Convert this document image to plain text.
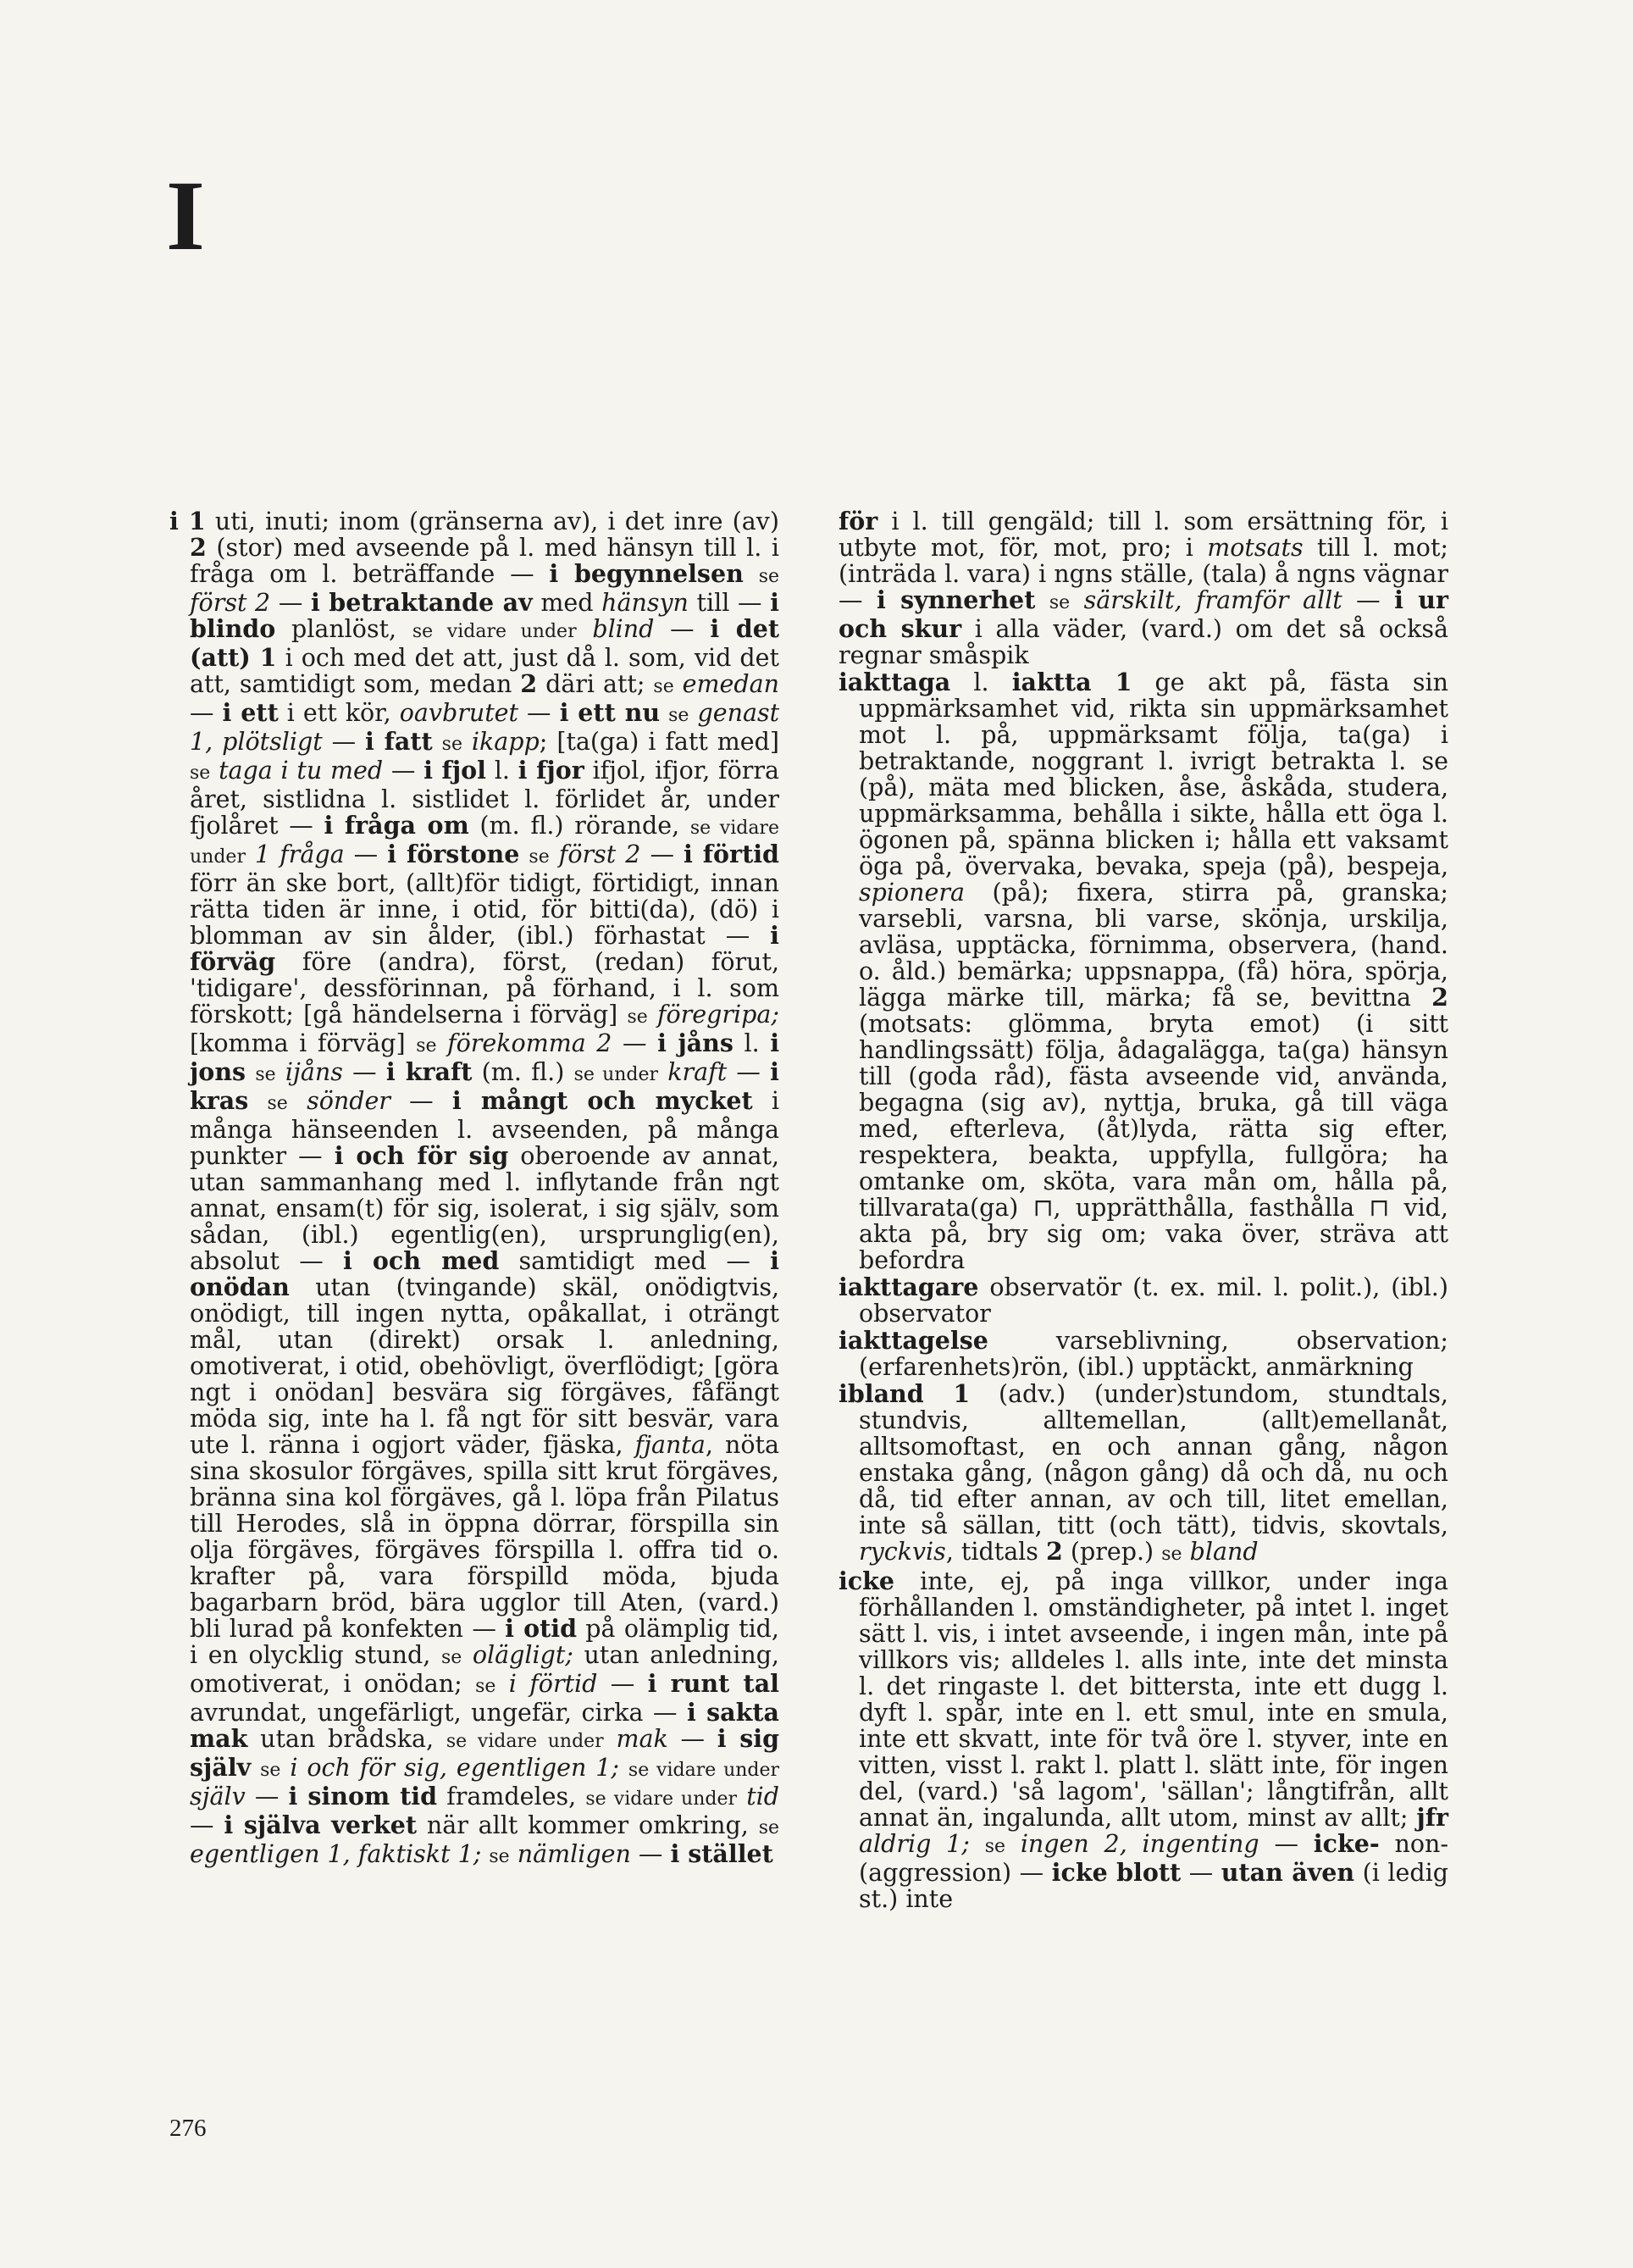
I

i 1 uti, inuti; inom (gränserna av), i det inre (av) 2 (stor) med avseende på l. med hänsyn till l. i fråga om l. beträffande — i begynnelsen se först 2 — i betraktande av med hänsyn till — i blindo planlöst, se vidare under blind — i det (att) 1 i och med det att, just då l. som, vid det att, samtidigt som, medan 2 däri att; se emedan — i ett i ett kör, oavbrutet — i ett nu se genast 1, plötsligt — i fatt se ikapp; [ta(ga) i fatt med] se taga i tu med — i fjol l. i fjor ifjol, ifjor, förra året, sistlidna l. sistlidet l. förlidet år, under fjolåret — i fråga om (m. fl.) rörande, se vidare under 1 fråga — i förstone se först 2 — i förtid förr än ske bort, (allt)för tidigt, förtidigt, innan rätta tiden är inne, i otid, för bitti(da), (dö) i blomman av sin ålder, (ibl.) förhastat — i förväg före (andra), först, (redan) förut, 'tidigare', dessförinnan, på förhand, i l. som förskott; [gå händelserna i förväg] se föregripa; [komma i förväg] se förekomma 2 — i jåns l. i jons se ijåns — i kraft (m. fl.) se under kraft — i kras se sönder — i mångt och mycket i många hänseenden l. avseenden, på många punkter — i och för sig oberoende av annat, utan sammanhang med l. inflytande från ngt annat, ensam(t) för sig, isolerat, i sig själv, som sådan, (ibl.) egentlig(en), ursprunglig(en), absolut — i och med samtidigt med — i onödan utan (tvingande) skäl, onödigtvis, onödigt, till ingen nytta, opåkallat, i oträngt mål, utan (direkt) orsak l. anledning, omotiverat, i otid, obehövligt, överflödigt; [göra ngt i onödan] besvära sig förgäves, fåfängt möda sig, inte ha l. få ngt för sitt besvär, vara ute l. ränna i ogjort väder, fjäska, fjanta, nöta sina skosulor förgäves, spilla sitt krut förgäves, bränna sina kol förgäves, gå l. löpa från Pilatus till Herodes, slå in öppna dörrar, förspilla sin olja förgäves, förgäves förspilla l. offra tid o. krafter på, vara förspilld möda, bjuda bagarbarn bröd, bära ugglor till Aten, (vard.) bli lurad på konfekten — i otid på olämplig tid, i en olycklig stund, se olägligt; utan anledning, omotiverat, i onödan; se i förtid — i runt tal avrundat, ungefärligt, ungefär, cirka — i sakta mak utan brådska, se vidare under mak — i sig själv se i och för sig, egentligen 1; se vidare under själv — i sinom tid framdeles, se vidare under tid — i själva verket när allt kommer omkring, se egentligen 1, faktiskt 1; se nämligen — i stället

för i l. till gengäld; till l. som ersättning för, i utbyte mot, för, mot, pro; i motsats till l. mot; (inträda l. vara) i ngns ställe, (tala) å ngns vägnar — i synnerhet se särskilt, framför allt — i ur och skur i alla väder, (vard.) om det så också regnar småspik

iakttaga l. iaktta 1 ge akt på, fästa sin uppmärksamhet vid, rikta sin uppmärksamhet mot l. på, uppmärksamt följa, ta(ga) i betraktande, noggrant l. ivrigt betrakta l. se (på), mäta med blicken, åse, åskåda, studera, uppmärksamma, behålla i sikte, hålla ett öga l. ögonen på, spänna blicken i; hålla ett vaksamt öga på, övervaka, bevaka, speja (på), bespeja, spionera (på); fixera, stirra på, granska; varsebli, varsna, bli varse, skönja, urskilja, avläsa, upptäcka, förnimma, observera, (hand. o. åld.) bemärka; uppsnappa, (få) höra, spörja, lägga märke till, märka; få se, bevittna 2 (motsats: glömma, bryta emot) (i sitt handlingssätt) följa, ådagalägga, ta(ga) hänsyn till (goda råd), fästa avseende vid, använda, begagna (sig av), nyttja, bruka, gå till väga med, efterleva, (åt)lyda, rätta sig efter, respektera, beakta, uppfylla, fullgöra; ha omtanke om, sköta, vara mån om, hålla på, tillvarata(ga) ⊓, upprätthålla, fasthålla ⊓ vid, akta på, bry sig om; vaka över, sträva att befordra

iakttagare observatör (t. ex. mil. l. polit.), (ibl.) observator

iakttagelse varseblivning, observation; (erfarenhets)rön, (ibl.) upptäckt, anmärkning

ibland 1 (adv.) (under)stundom, stundtals, stundvis, alltemellan, (allt)emellanåt, alltsomoftast, en och annan gång, någon enstaka gång, (någon gång) då och då, nu och då, tid efter annan, av och till, litet emellan, inte så sällan, titt (och tätt), tidvis, skovtals, ryckvis, tidtals 2 (prep.) se bland

icke inte, ej, på inga villkor, under inga förhållanden l. omständigheter, på intet l. inget sätt l. vis, i intet avseende, i ingen mån, inte på villkors vis; alldeles l. alls inte, inte det minsta l. det ringaste l. det bittersta, inte ett dugg l. dyft l. spår, inte en l. ett smul, inte en smula, inte ett skvatt, inte för två öre l. styver, inte en vitten, visst l. rakt l. platt l. slätt inte, för ingen del, (vard.) 'så lagom', 'sällan'; långtifrån, allt annat än, ingalunda, allt utom, minst av allt; jfr aldrig 1; se ingen 2, ingenting — icke- non-(aggression) — icke blott — utan även (i ledig st.) inte

276
